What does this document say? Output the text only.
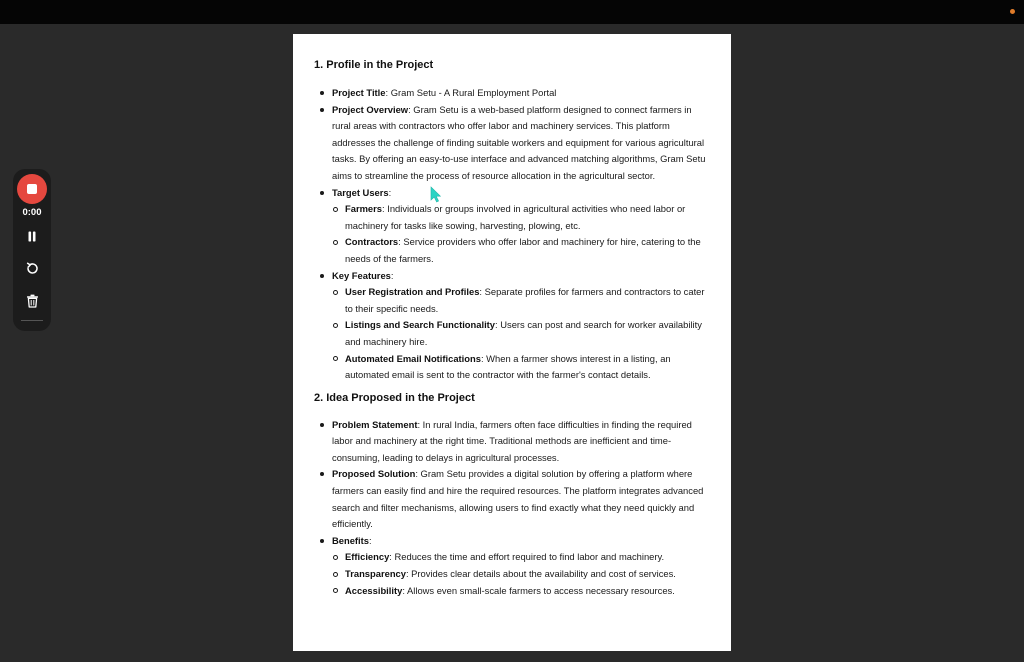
1. Profile in the Project
Project Title: Gram Setu - A Rural Employment Portal
Project Overview: Gram Setu is a web-based platform designed to connect farmers in rural areas with contractors who offer labor and machinery services. This platform addresses the challenge of finding suitable workers and equipment for various agricultural tasks. By offering an easy-to-use interface and advanced matching algorithms, Gram Setu aims to streamline the process of resource allocation in the agricultural sector.
Target Users:
Farmers: Individuals or groups involved in agricultural activities who need labor or machinery for tasks like sowing, harvesting, plowing, etc.
Contractors: Service providers who offer labor and machinery for hire, catering to the needs of the farmers.
Key Features:
User Registration and Profiles: Separate profiles for farmers and contractors to cater to their specific needs.
Listings and Search Functionality: Users can post and search for worker availability and machinery hire.
Automated Email Notifications: When a farmer shows interest in a listing, an automated email is sent to the contractor with the farmer's contact details.
2. Idea Proposed in the Project
Problem Statement: In rural India, farmers often face difficulties in finding the required labor and machinery at the right time. Traditional methods are inefficient and time-consuming, leading to delays in agricultural processes.
Proposed Solution: Gram Setu provides a digital solution by offering a platform where farmers can easily find and hire the required resources. The platform integrates advanced search and filter mechanisms, allowing users to find exactly what they need quickly and efficiently.
Benefits:
Efficiency: Reduces the time and effort required to find labor and machinery.
Transparency: Provides clear details about the availability and cost of services.
Accessibility: Allows even small-scale farmers to access necessary resources.
0:00
